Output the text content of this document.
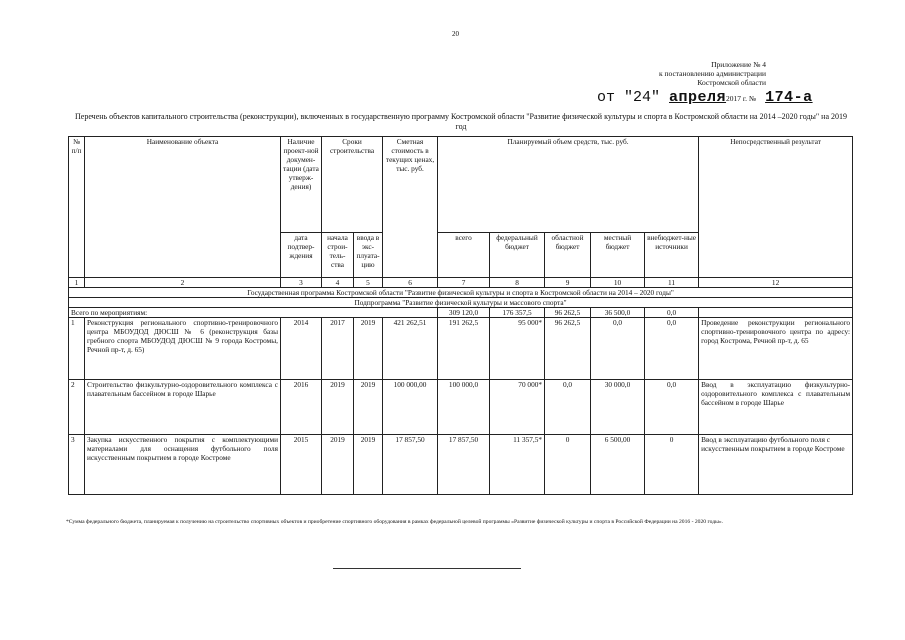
20
Приложение № 4
к постановлению администрации
Костромской области
от "24" апреля2017 г. № 174-а
Перечень объектов капитального строительства (реконструкции), включенных в государственную программу Костромской области "Развитие физической культуры и спорта в Костромской области на 2014 –2020 годы" на 2019 год
№ п/п	Наименование объекта	Наличие проект-ной докумен-тации (дата утверж-дения)	Сроки строительства		Сметная стоимость в текущих ценах, тыс. руб.	Планируемый объем средств, тыс. руб.					Непосредственный результат
		дата подтвер-ждения	начала строи-тель-ства	ввода в экс-плуата-цию		всего	федеральный бюджет	областной бюджет	местный бюджет	внебюджет-ные источники	
1	2	3	4	5	6	7	8	9	10	11	12
Государственная программа Костромской области "Развитие физической культуры и спорта в Костромской области на 2014 – 2020 годы"											
Подпрограмма "Развитие физической культуры и массового спорта"											
Всего по мероприятиям:						309 120,0	176 357,5	96 262,5	36 500,0	0,0	
1	Реконструкция регионального спортивно-тренировочного центра МБОУДОД ДЮСШ № 6 (реконструкция базы гребного спорта МБОУДОД ДЮСШ № 9 города Костромы, Речной пр-т, д. 65)	2014	2017	2019	421 262,51	191 262,5	95 000*	96 262,5	0,0	0,0	Проведение реконструкции регионального спортивно-тренировочного центра по адресу: город Кострома, Речной пр-т, д. 65
2	Строительство физкультурно-оздоровительного комплекса с плавательным бассейном в городе Шарье	2016	2019	2019	100 000,00	100 000,0	70 000*	0,0	30 000,0	0,0	Ввод в эксплуатацию физкультурно-оздоровительного комплекса с плавательным бассейном в городе Шарье
3	Закупка искусственного покрытия с комплектующими материалами для оснащения футбольного поля искусственным покрытием в городе Костроме	2015	2019	2019	17 857,50	17 857,50	11 357,5*	0	6 500,00	0	Ввод в эксплуатацию футбольного поля с искусственным покрытием в городе Костроме
*Сумма федерального бюджета, планируемая к получению на строительство спортивных объектов и приобретение спортивного оборудования в рамках федеральной целевой программы «Развитие физической культуры и спорта в Российской Федерации на 2016 - 2020 годы».
